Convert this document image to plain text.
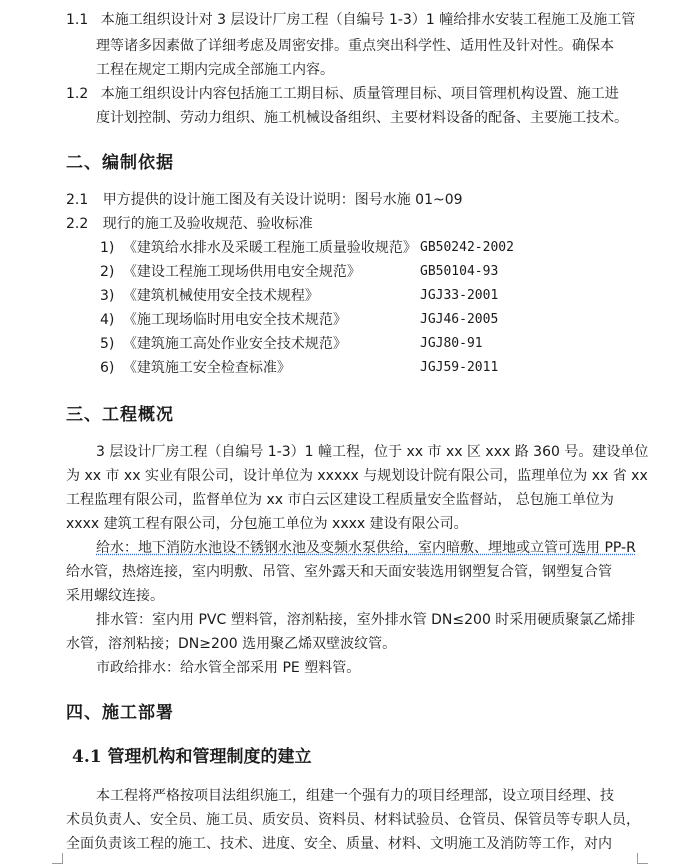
1.1 本施工组织设计对 3 层设计厂房工程（自编号 1-3）1 幢给排水安装工程施工及施工管
理等诸多因素做了详细考虑及周密安排。重点突出科学性、适用性及针对性。确保本
工程在规定工期内完成全部施工内容。
1.2 本施工组织设计内容包括施工工期目标、质量管理目标、项目管理机构设置、施工进
度计划控制、劳动力组织、施工机械设备组织、主要材料设备的配备、主要施工技术。
二、编制依据
2.1 甲方提供的设计施工图及有关设计说明：图号水施 01~09
2.2 现行的施工及验收规范、验收标准
1) 《建筑给水排水及采暖工程施工质量验收规范》 GB50242-2002
2) 《建设工程施工现场供用电安全规范》	GB50104-93
3) 《建筑机械使用安全技术规程》	JGJ33-2001
4) 《施工现场临时用电安全技术规范》	JGJ46-2005
5) 《建筑施工高处作业安全技术规范》	JGJ80-91
6) 《建筑施工安全检查标准》	JGJ59-2011
三、工程概况
3 层设计厂房工程（自编号 1-3）1 幢工程，位于 xx 市 xx 区 xxx 路 360 号。建设单位
为 xx 市 xx 实业有限公司，设计单位为 xxxxx 与规划设计院有限公司，监理单位为 xx 省 xx
工程监理有限公司，监督单位为 xx 市白云区建设工程质量安全监督站， 总包施工单位为
xxxx 建筑工程有限公司，分包施工单位为 xxxx 建设有限公司。
给水：地下消防水池设不锈钢水池及变频水泵供给，室内暗敷、埋地或立管可选用 PP-R
给水管，热熔连接，室内明敷、吊管、室外露天和天面安装选用钢塑复合管，钢塑复合管
采用螺纹连接。
排水管：室内用 PVC 塑料管，溶剂粘接，室外排水管 DN≤200 时采用硬质聚氯乙烯排
水管，溶剂粘接；DN≥200 选用聚乙烯双壁波纹管。
市政给排水：给水管全部采用 PE 塑料管。
四、施工部署
4.1 管理机构和管理制度的建立
本工程将严格按项目法组织施工，组建一个强有力的项目经理部，设立项目经理、技
术员负责人、安全员、施工员、质安员、资料员、材料试验员、仓管员、保管员等专职人员，
全面负责该工程的施工、技术、进度、安全、质量、材料、文明施工及消防等工作，对内
